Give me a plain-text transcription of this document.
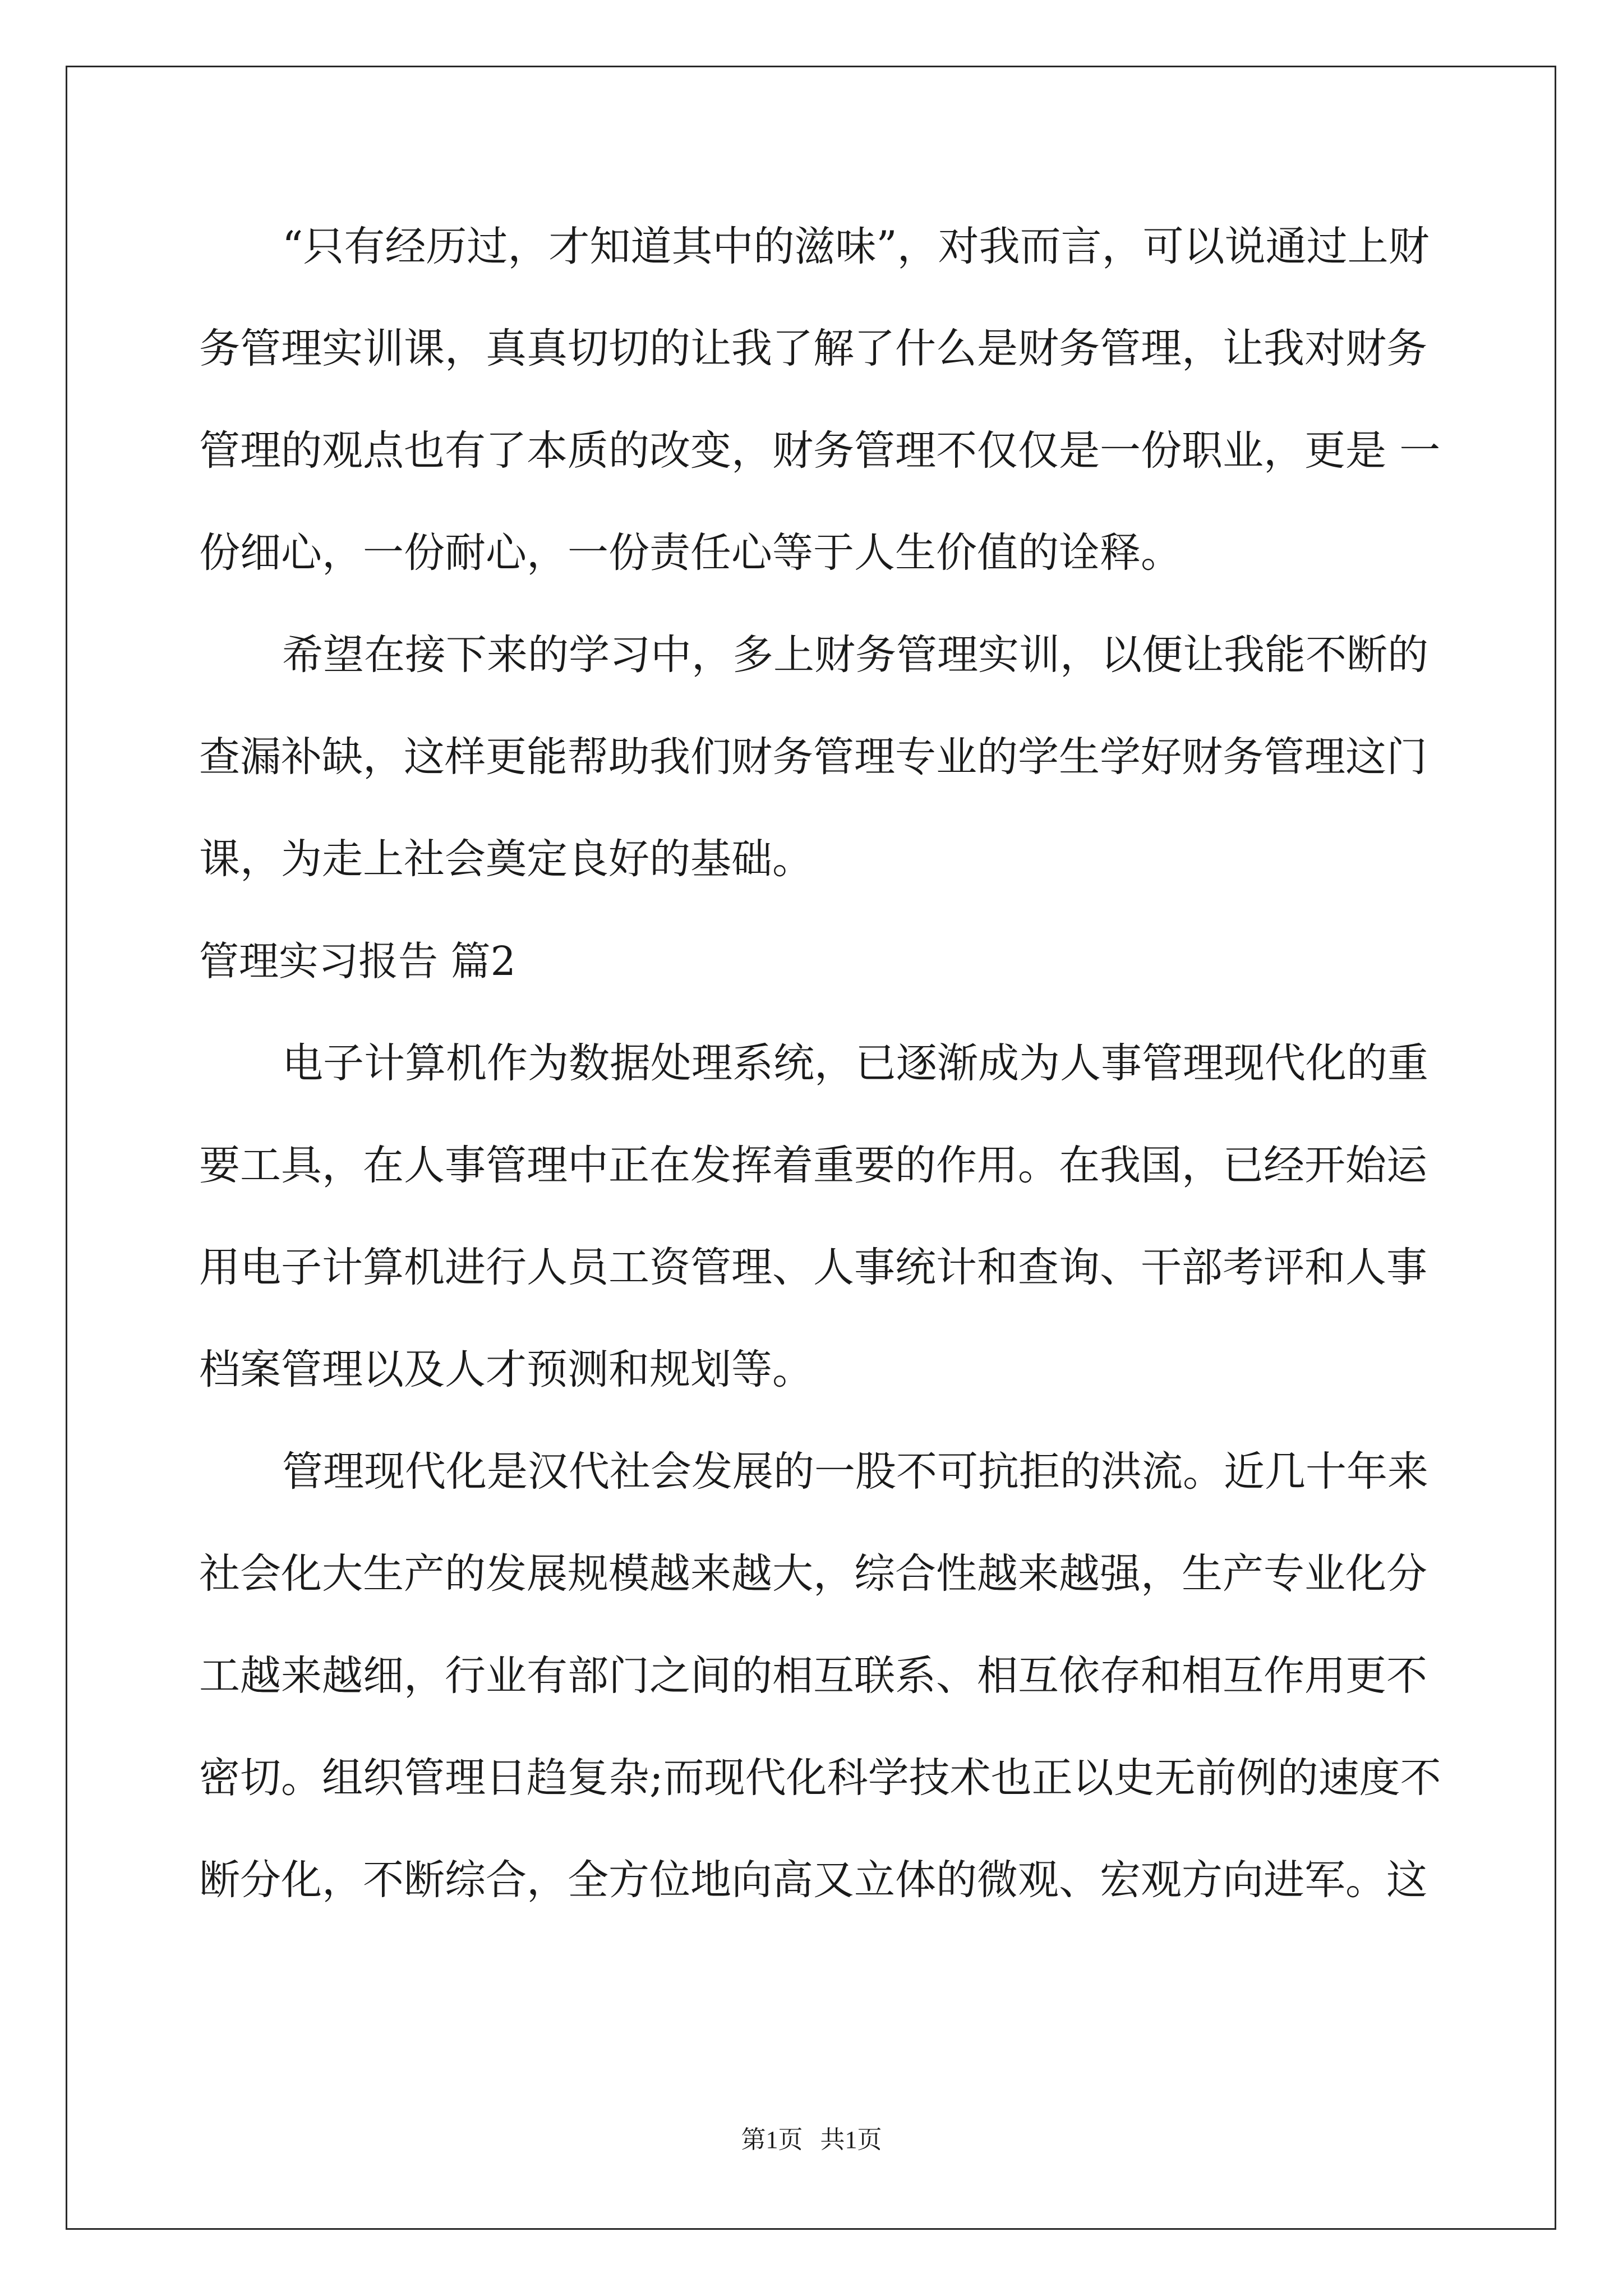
“只有经历过，才知道其中的滋味”，对我而言，可以说通过上财
务管理实训课，真真切切的让我了解了什么是财务管理，让我对财务
管理的观点也有了本质的改变，财务管理不仅仅是一份职业，更是 一
份细心，一份耐心，一份责任心等于人生价值的诠释。
希望在接下来的学习中，多上财务管理实训，以便让我能不断的
查漏补缺，这样更能帮助我们财务管理专业的学生学好财务管理这门
课，为走上社会奠定良好的基础。
管理实习报告 篇2
电子计算机作为数据处理系统，已逐渐成为人事管理现代化的重
要工具，在人事管理中正在发挥着重要的作用。在我国，已经开始运
用电子计算机进行人员工资管理、人事统计和查询、干部考评和人事
档案管理以及人才预测和规划等。
管理现代化是汉代社会发展的一股不可抗拒的洪流。近几十年来
社会化大生产的发展规模越来越大，综合性越来越强，生产专业化分
工越来越细，行业有部门之间的相互联系、相互依存和相互作用更不
密切。组织管理日趋复杂;而现代化科学技术也正以史无前例的速度不
断分化，不断综合，全方位地向高又立体的微观、宏观方向进军。这
第1页 共1页
